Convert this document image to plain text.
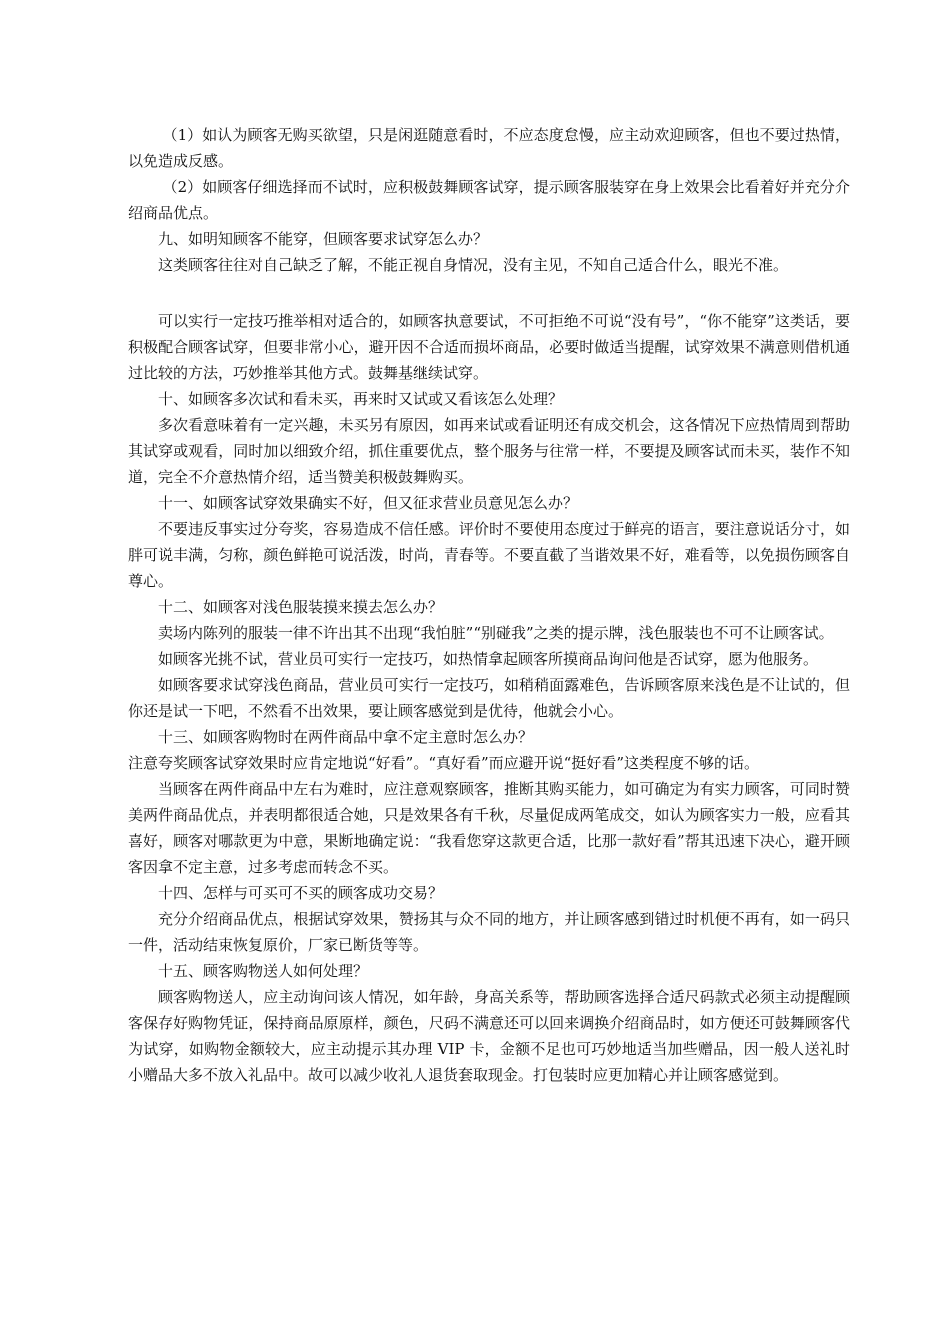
（1）如认为顾客无购买欲望，只是闲逛随意看时，不应态度怠慢，应主动欢迎顾客，但也不要过热情，以免造成反感。

（2）如顾客仔细选择而不试时，应积极鼓舞顾客试穿，提示顾客服装穿在身上效果会比看着好并充分介绍商品优点。

九、如明知顾客不能穿，但顾客要求试穿怎么办？

这类顾客往往对自己缺乏了解，不能正视自身情况，没有主见，不知自己适合什么，眼光不准。

可以实行一定技巧推举相对适合的，如顾客执意要试，不可拒绝不可说“没有号”，“你不能穿”这类话，要积极配合顾客试穿，但要非常小心，避开因不合适而损坏商品，必要时做适当提醒，试穿效果不满意则借机通过比较的方法，巧妙推举其他方式。鼓舞基继续试穿。

十、如顾客多次试和看未买，再来时又试或又看该怎么处理？

多次看意味着有一定兴趣，未买另有原因，如再来试或看证明还有成交机会，这各情况下应热情周到帮助其试穿或观看，同时加以细致介绍，抓住重要优点，整个服务与往常一样，不要提及顾客试而未买，装作不知道，完全不介意热情介绍，适当赞美积极鼓舞购买。

十一、如顾客试穿效果确实不好，但又征求营业员意见怎么办？

不要违反事实过分夸奖，容易造成不信任感。评价时不要使用态度过于鲜亮的语言，要注意说话分寸，如胖可说丰满，匀称，颜色鲜艳可说活泼，时尚，青春等。不要直截了当谐效果不好，难看等，以免损伤顾客自尊心。

十二、如顾客对浅色服装摸来摸去怎么办？

卖场内陈列的服装一律不许出其不出现“我怕脏”“别碰我”之类的提示牌，浅色服装也不可不让顾客试。

如顾客光挑不试，营业员可实行一定技巧，如热情拿起顾客所摸商品询问他是否试穿，愿为他服务。

如顾客要求试穿浅色商品，营业员可实行一定技巧，如稍稍面露难色，告诉顾客原来浅色是不让试的，但你还是试一下吧，不然看不出效果，要让顾客感觉到是优待，他就会小心。

十三、如顾客购物时在两件商品中拿不定主意时怎么办？

注意夸奖顾客试穿效果时应肯定地说“好看”。“真好看”而应避开说“挺好看”这类程度不够的话。

当顾客在两件商品中左右为难时，应注意观察顾客，推断其购买能力，如可确定为有实力顾客，可同时赞美两件商品优点，并表明都很适合她，只是效果各有千秋，尽量促成两笔成交，如认为顾客实力一般，应看其喜好，顾客对哪款更为中意，果断地确定说：“我看您穿这款更合适，比那一款好看”帮其迅速下决心，避开顾客因拿不定主意，过多考虑而转念不买。

十四、怎样与可买可不买的顾客成功交易？

充分介绍商品优点，根据试穿效果，赞扬其与众不同的地方，并让顾客感到错过时机便不再有，如一码只一件，活动结束恢复原价，厂家已断货等等。

十五、顾客购物送人如何处理？

顾客购物送人，应主动询问该人情况，如年龄，身高关系等，帮助顾客选择合适尺码款式必须主动提醒顾客保存好购物凭证，保持商品原原样，颜色，尺码不满意还可以回来调换介绍商品时，如方便还可鼓舞顾客代为试穿，如购物金额较大，应主动提示其办理 VIP 卡，金额不足也可巧妙地适当加些赠品，因一般人送礼时小赠品大多不放入礼品中。故可以减少收礼人退货套取现金。打包装时应更加精心并让顾客感觉到。
